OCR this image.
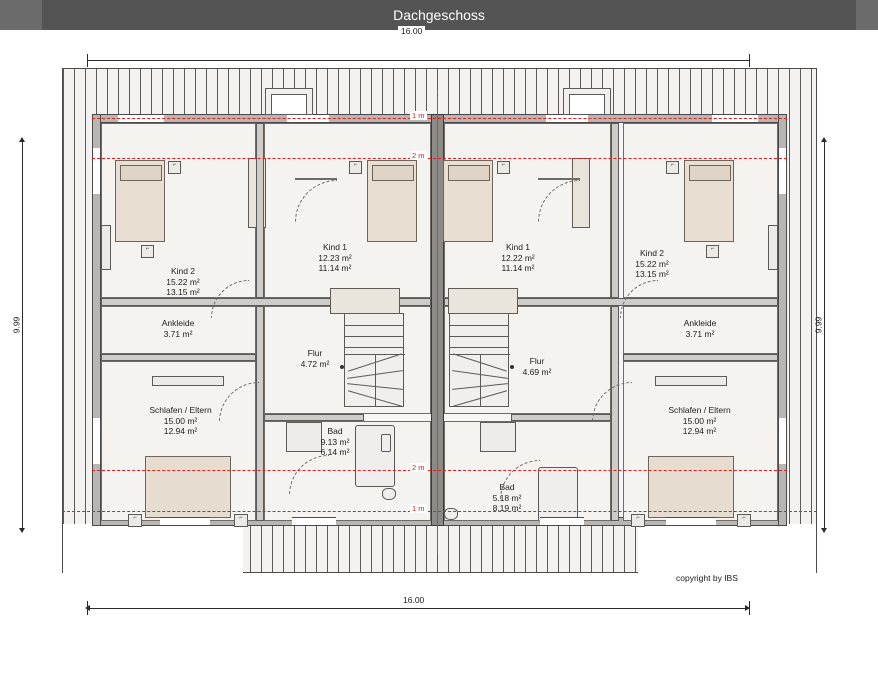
Dachgeschoss
16.00
⌐
⌐
Kind 2
15.22 m²
13.15 m²
⌐
Kind 1
12.23 m²
11.14 m²
Ankleide
3.71 m²
⌐	⌐
Schlafen / Eltern
15.00 m²
12.94 m²
Flur
4.72 m²
Bad
9.13 m²
6.14 m²
⌐
Kind 1
12.22 m²
11.14 m²
⌐
⌐
Kind 2
15.22 m²
13.15 m²
Ankleide
3.71 m²
⌐	⌐
Schlafen / Eltern
15.00 m²
12.94 m²
Flur
4.69 m²
Bad
5.18 m²
8.19 m²
1 m
2 m
2 m
1 m
9.99	9.99
16.00
copyright by IBS
